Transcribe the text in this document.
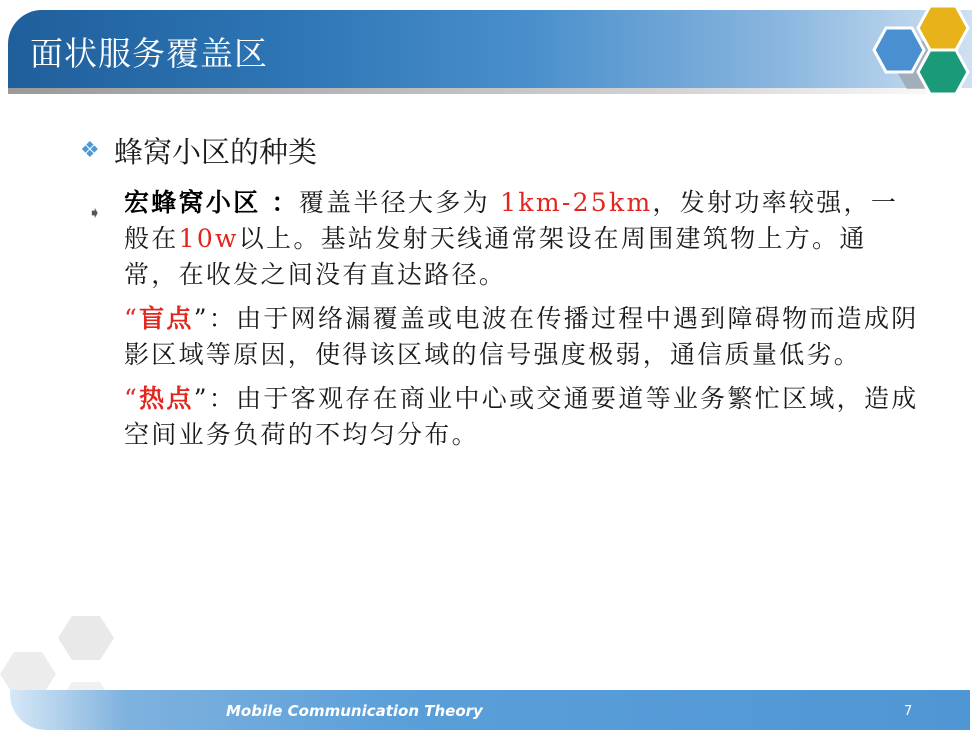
面状服务覆盖区
❖ 蜂窝小区的种类
➧ 宏蜂窝小区 ：覆盖半径大多为 1km-25km，发射功率较强，一般在10w以上。基站发射天线通常架设在周围建筑物上方。通常，在收发之间没有直达路径。
“盲点”：由于网络漏覆盖或电波在传播过程中遇到障碍物而造成阴影区域等原因，使得该区域的信号强度极弱，通信质量低劣。
“热点”：由于客观存在商业中心或交通要道等业务繁忙区域，造成空间业务负荷的不均匀分布。
Mobile Communication Theory	7
